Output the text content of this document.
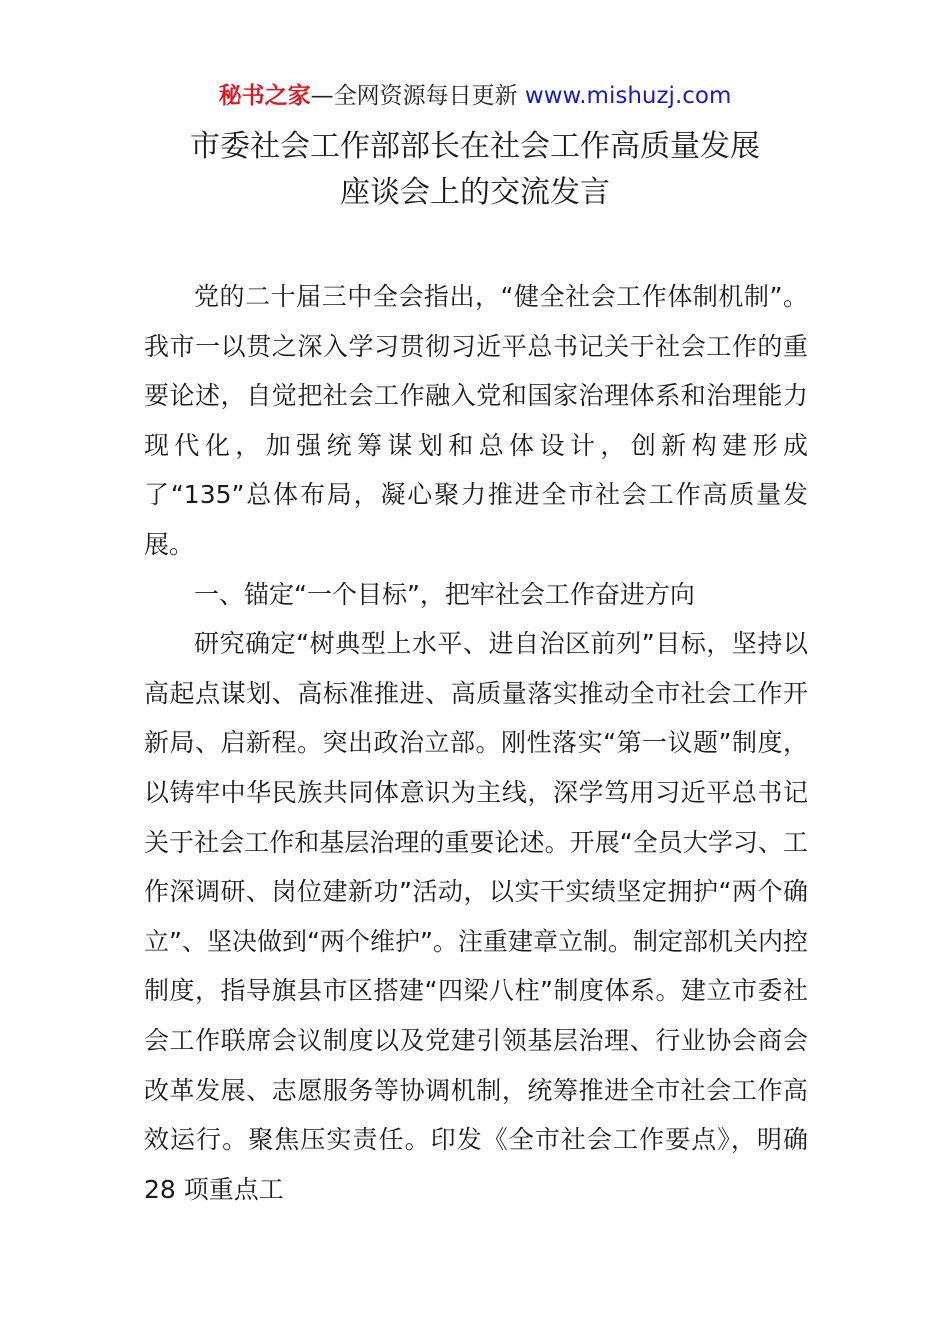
秘书之家—全网资源每日更新 www.mishuzj.com
市委社会工作部部长在社会工作高质量发展
座谈会上的交流发言

党的二十届三中全会指出，“健全社会工作体制机制”。我市一以贯之深入学习贯彻习近平总书记关于社会工作的重要论述，自觉把社会工作融入党和国家治理体系和治理能力现代化，加强统筹谋划和总体设计，创新构建形成了“135”总体布局，凝心聚力推进全市社会工作高质量发展。

一、锚定“一个目标”，把牢社会工作奋进方向

研究确定“树典型上水平、进自治区前列”目标，坚持以高起点谋划、高标准推进、高质量落实推动全市社会工作开新局、启新程。突出政治立部。刚性落实“第一议题”制度，以铸牢中华民族共同体意识为主线，深学笃用习近平总书记关于社会工作和基层治理的重要论述。开展“全员大学习、工作深调研、岗位建新功”活动，以实干实绩坚定拥护“两个确立”、坚决做到“两个维护”。注重建章立制。制定部机关内控制度，指导旗县市区搭建“四梁八柱”制度体系。建立市委社会工作联席会议制度以及党建引领基层治理、行业协会商会改革发展、志愿服务等协调机制，统筹推进全市社会工作高效运行。聚焦压实责任。印发《全市社会工作要点》，明确 28 项重点工
